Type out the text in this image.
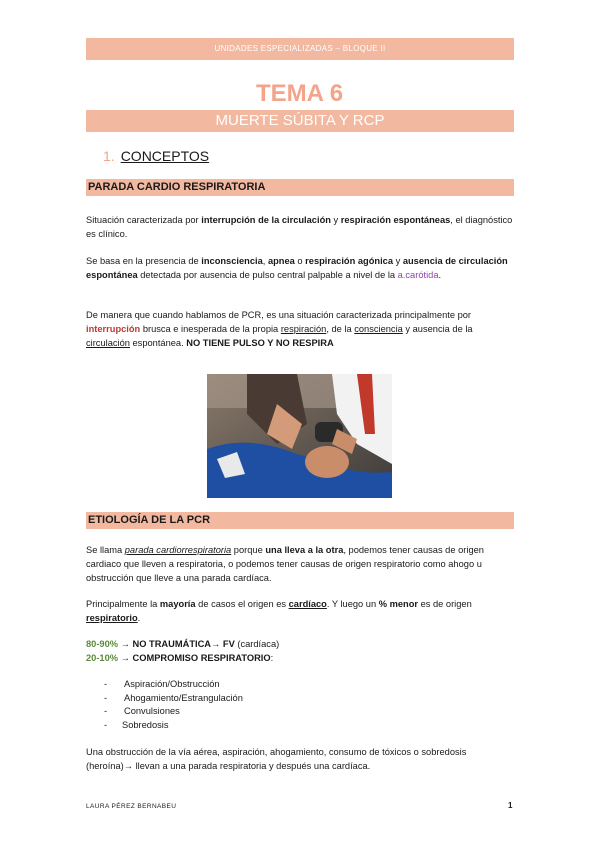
UNIDADES ESPECIALIZADAS – BLOQUE II
TEMA 6
MUERTE SÚBITA Y RCP
1. CONCEPTOS
PARADA CARDIO RESPIRATORIA
Situación caracterizada por interrupción de la circulación y respiración espontáneas, el diagnóstico es clínico.
Se basa en la presencia de inconsciencia, apnea o respiración agónica y ausencia de circulación espontánea detectada por ausencia de pulso central palpable a nivel de la a.carótida.
De manera que cuando hablamos de PCR, es una situación caracterizada principalmente por interrupción brusca e inesperada de la propia respiración, de la consciencia y ausencia de la circulación espontánea. NO TIENE PULSO Y NO RESPIRA
ETIOLOGÍA DE LA PCR
Se llama parada cardiorrespiratoria porque una lleva a la otra, podemos tener causas de origen cardiaco que lleven a respiratoria, o podemos tener causas de origen respiratorio como ahogo u obstrucción que lleve a una parada cardíaca.
Principalmente la mayoría de casos el origen es cardíaco. Y luego un % menor es de origen respiratorio.
80-90% → NO TRAUMÁTICA→ FV (cardíaca)
20-10% → COMPROMISO RESPIRATORIO:
-	Aspiración/Obstrucción
-	Ahogamiento/Estrangulación
-	Convulsiones
-	Sobredosis
Una obstrucción de la vía aérea, aspiración, ahogamiento, consumo de tóxicos o sobredosis (heroína)→ llevan a una parada respiratoria y después una cardíaca.
LAURA PÉREZ BERNABEU	1
